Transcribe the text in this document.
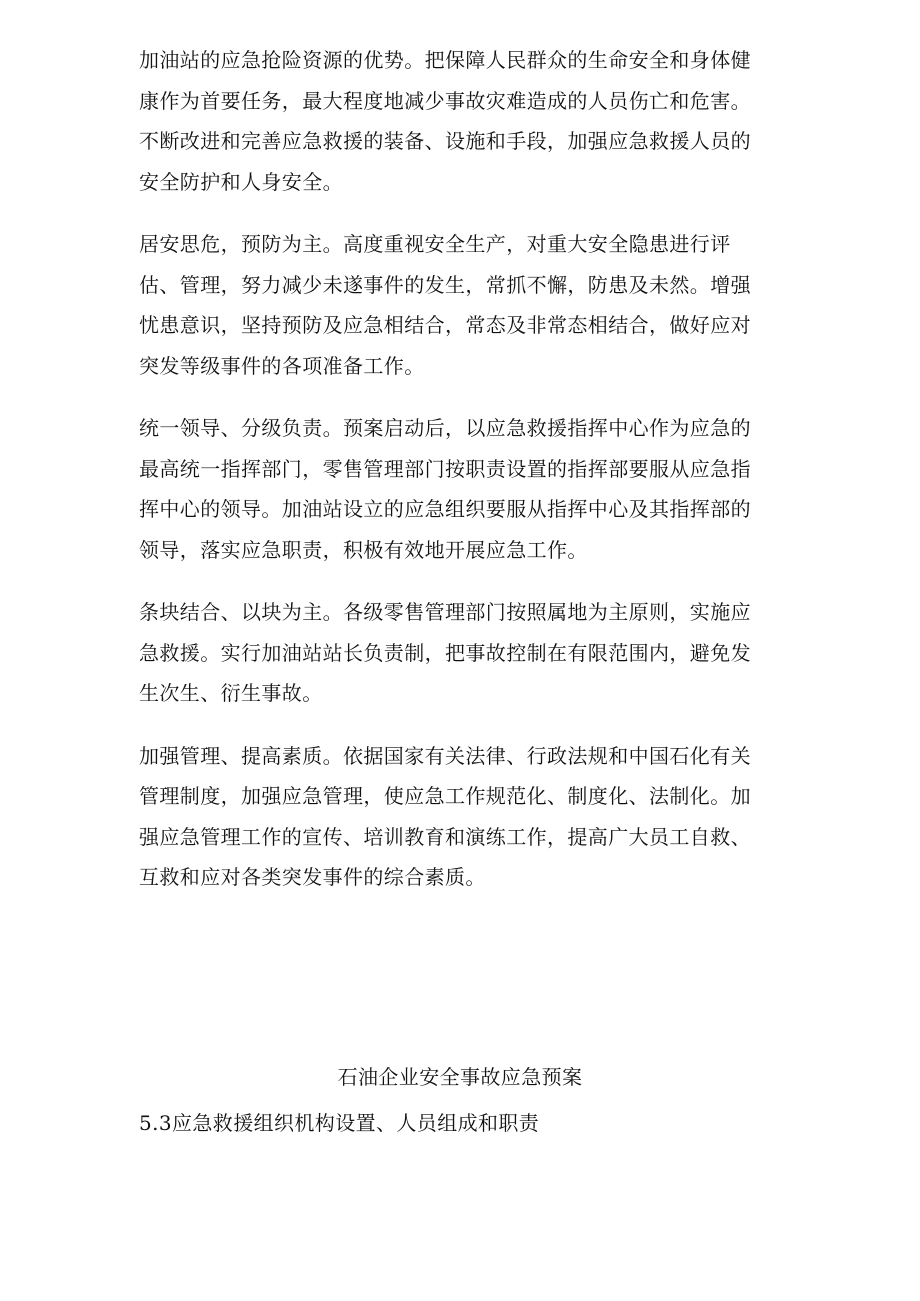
加油站的应急抢险资源的优势。把保障人民群众的生命安全和身体健
康作为首要任务，最大程度地减少事故灾难造成的人员伤亡和危害。
不断改进和完善应急救援的装备、设施和手段，加强应急救援人员的
安全防护和人身安全。

居安思危，预防为主。高度重视安全生产，对重大安全隐患进行评
估、管理，努力减少未遂事件的发生，常抓不懈，防患及未然。增强
忧患意识，坚持预防及应急相结合，常态及非常态相结合，做好应对
突发等级事件的各项准备工作。

统一领导、分级负责。预案启动后，以应急救援指挥中心作为应急的
最高统一指挥部门，零售管理部门按职责设置的指挥部要服从应急指
挥中心的领导。加油站设立的应急组织要服从指挥中心及其指挥部的
领导，落实应急职责，积极有效地开展应急工作。

条块结合、以块为主。各级零售管理部门按照属地为主原则，实施应
急救援。实行加油站站长负责制，把事故控制在有限范围内，避免发
生次生、衍生事故。

加强管理、提高素质。依据国家有关法律、行政法规和中国石化有关
管理制度，加强应急管理，使应急工作规范化、制度化、法制化。加
强应急管理工作的宣传、培训教育和演练工作，提高广大员工自救、
互救和应对各类突发事件的综合素质。

石油企业安全事故应急预案
5.3应急救援组织机构设置、人员组成和职责
